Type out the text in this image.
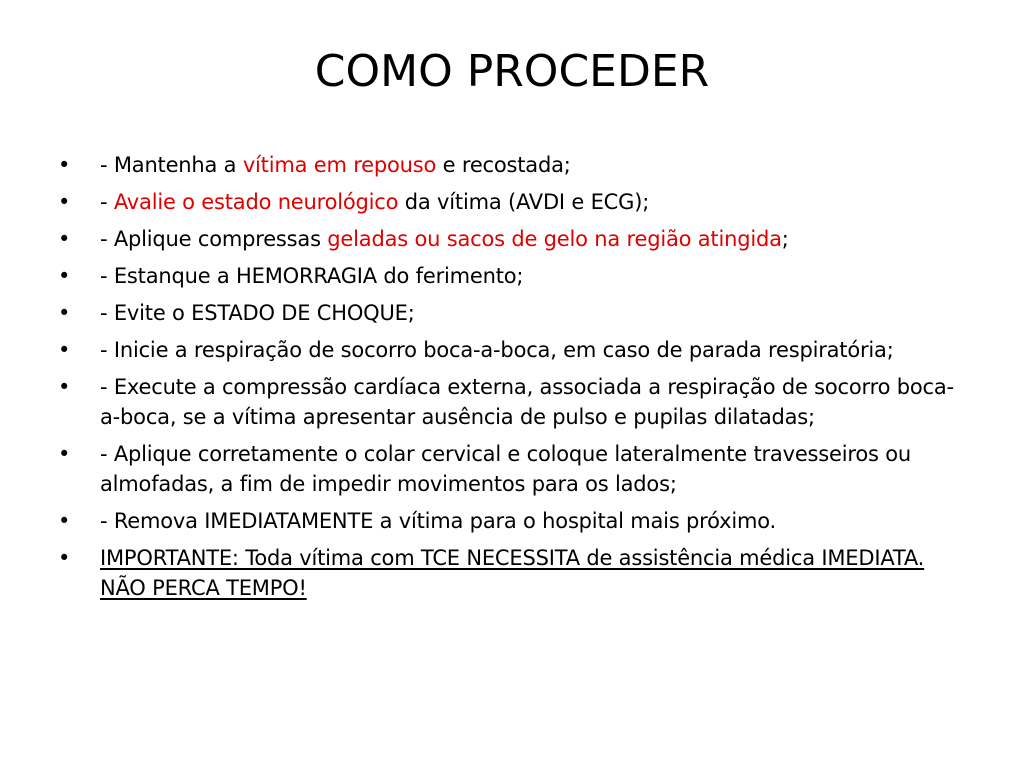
COMO PROCEDER
•	- Mantenha a vítima em repouso e recostada;
•	- Avalie o estado neurológico da vítima (AVDI e ECG);
•	- Aplique compressas geladas ou sacos de gelo na região atingida;
•	- Estanque a HEMORRAGIA do ferimento;
•	- Evite o ESTADO DE CHOQUE;
•	- Inicie a respiração de socorro boca-a-boca, em caso de parada respiratória;
•	- Execute a compressão cardíaca externa, associada a respiração de socorro boca-a-boca, se a vítima apresentar ausência de pulso e pupilas dilatadas;
•	- Aplique corretamente o colar cervical e coloque lateralmente travesseiros ou almofadas, a fim de impedir movimentos para os lados;
•	- Remova IMEDIATAMENTE a vítima para o hospital mais próximo.
•	IMPORTANTE: Toda vítima com TCE NECESSITA de assistência médica IMEDIATA. NÃO PERCA TEMPO!
